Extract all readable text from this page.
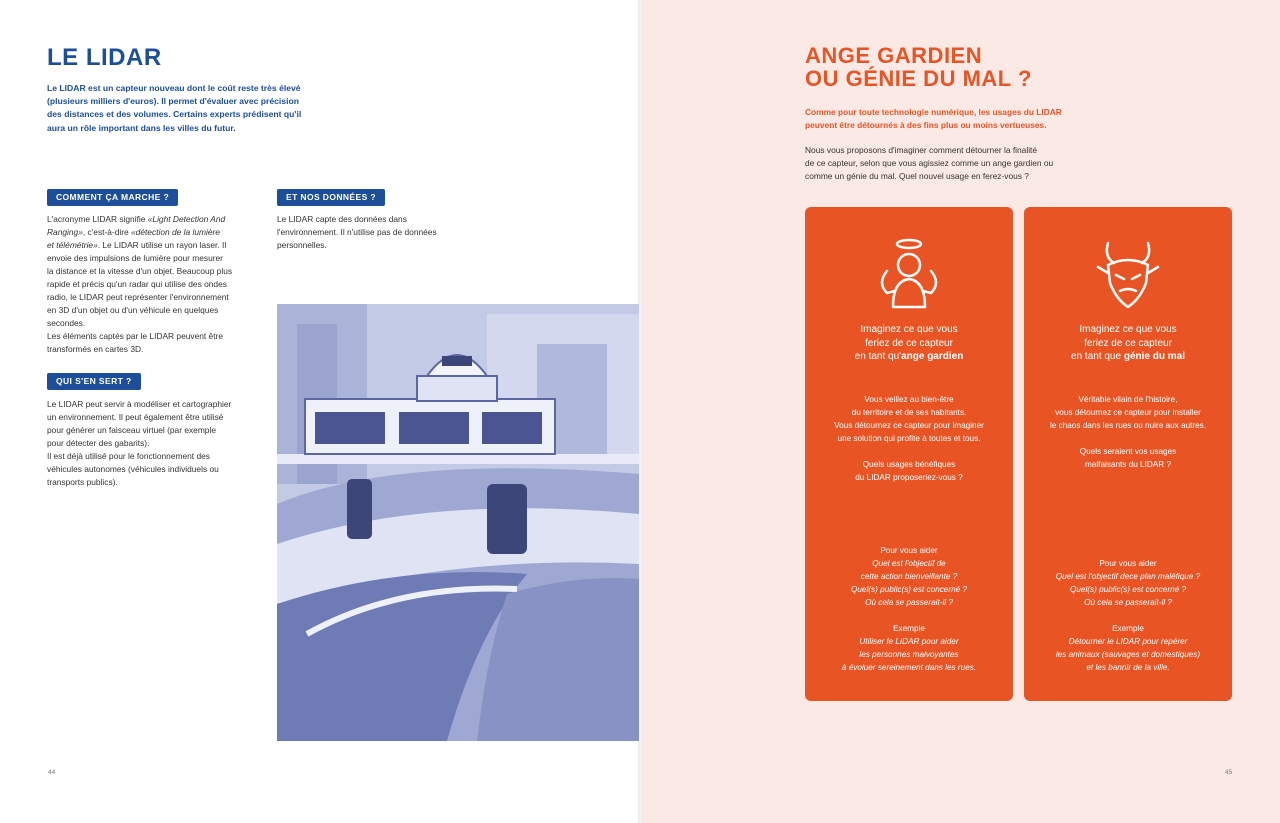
LE LIDAR
Le LIDAR est un capteur nouveau dont le coût reste très élevé
(plusieurs milliers d'euros). Il permet d'évaluer avec précision
des distances et des volumes. Certains experts prédisent qu'il
aura un rôle important dans les villes du futur.
COMMENT ÇA MARCHE ?
L'acronyme LIDAR signifie «Light Detection And
Ranging», c'est-à-dire «détection de la lumière
et télémétrie». Le LIDAR utilise un rayon laser. Il
envoie des impulsions de lumière pour mesurer
la distance et la vitesse d'un objet. Beaucoup plus
rapide et précis qu'un radar qui utilise des ondes
radio, le LIDAR peut représenter l'environnement
en 3D d'un objet ou d'un véhicule en quelques
secondes.
Les éléments captés par le LIDAR peuvent être
transformés en cartes 3D.
QUI S'EN SERT ?
Le LIDAR peut servir à modéliser et cartographier
un environnement. Il peut également être utilisé
pour générer un faisceau virtuel (par exemple
pour détecter des gabarits).
Il est déjà utilisé pour le fonctionnement des
véhicules autonomes (véhicules individuels ou
transports publics).
ET NOS DONNÉES ?
Le LIDAR capte des données dans
l'environnement. Il n'utilise pas de données
personnelles.
44
ANGE GARDIEN
OU GÉNIE DU MAL ?
Comme pour toute technologie numérique, les usages du LIDAR
peuvent être détournés à des fins plus ou moins vertueuses.
Nous vous proposons d'imaginer comment détourner la finalité
de ce capteur, selon que vous agissiez comme un ange gardien ou
comme un génie du mal. Quel nouvel usage en ferez-vous ?
Imaginez ce que vous
feriez de ce capteur
en tant qu'ange gardien
Vous veillez au bien-être
du territoire et de ses habitants.
Vous détournez ce capteur pour imaginer
une solution qui profite à toutes et tous.
Quels usages bénéfiques
du LIDAR proposeriez-vous ?
Pour vous aider
Quel est l'objectif de
cette action bienveillante ?
Quel(s) public(s) est concerné ?
Où cela se passerait-il ?
Exemple
Utiliser le LIDAR pour aider
les personnes malvoyantes
à évoluer sereinement dans les rues.
Imaginez ce que vous
feriez de ce capteur
en tant que génie du mal
Véritable vilain de l'histoire,
vous détournez ce capteur pour installer
le chaos dans les rues ou nuire aux autres.
Quels seraient vos usages
malfaisants du LIDAR ?
Pour vous aider
Quel est l'objectif dece plan maléfique ?
Quel(s) public(s) est concerné ?
Où cela se passerait-il ?
Exemple
Détourner le LIDAR pour repérer
les animaux (sauvages et domestiques)
et les bannir de la ville.
45
